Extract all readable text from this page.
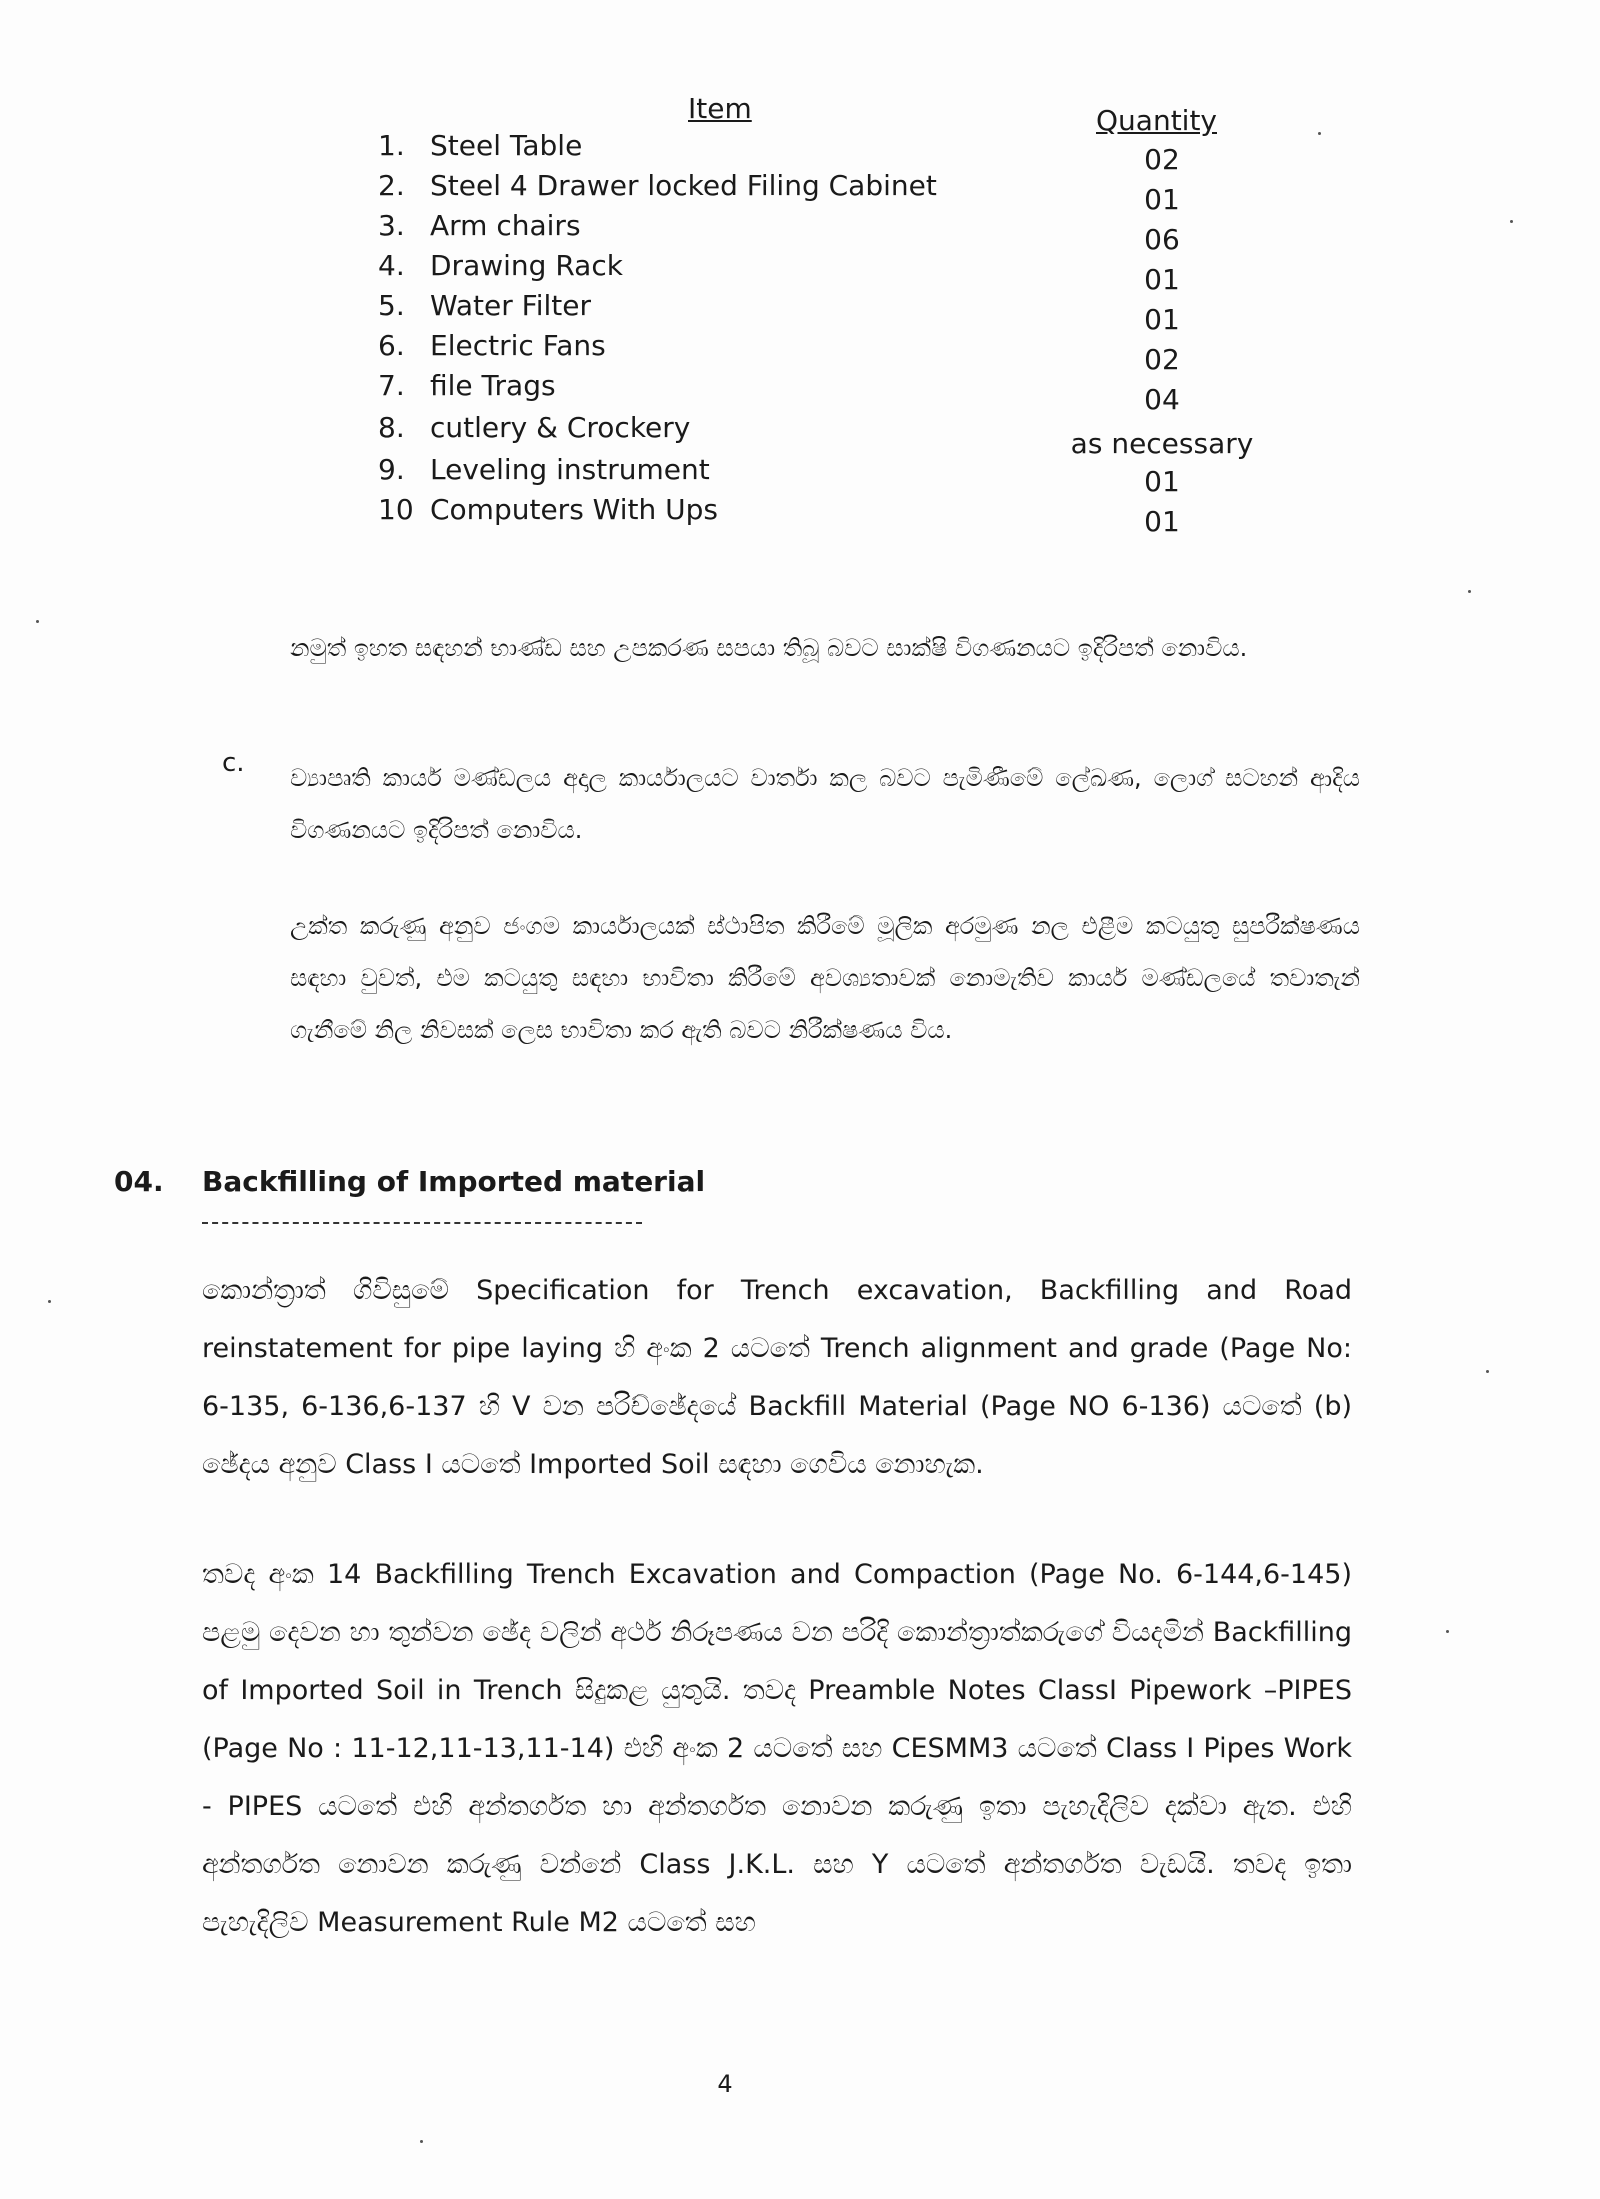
Item	Quantity
1. Steel Table	02
2. Steel 4 Drawer locked Filing Cabinet	01
3. Arm chairs	06
4. Drawing Rack	01
5. Water Filter	01
6. Electric Fans	02
7. file Trags	04
8. cutlery & Crockery	as necessary
9. Leveling instrument	01
10 Computers With Ups	01
නමුත් ඉහත සඳහන් භාණ්ඩ සහ උපකරණ සපයා තිබූ බවට සාක්ෂි විගණනයට ඉදිරිපත් නොවිය.
c. ව්‍යාපෘති කාර්ය මණ්ඩලය අදාල කාර්යාලයට වාර්තා කල බවට පැමිණීමේ ලේඛණ, ලොග් සටහන් ආදිය විගණනයට ඉදිරිපත් නොවිය.
උක්ත කරුණු අනුව ජංගම කාර්යාලයක් ස්ථාපිත කිරීමේ මූලික අරමුණ නල එළීම කටයුතු සුපරීක්ෂණය සඳහා වුවත්, එම කටයුතු සඳහා භාවිතා කිරීමේ අවශ්‍යතාවක් නොමැතිව කාර්ය මණ්ඩලයේ තවාතැන් ගැනීමේ නිල නිවසක් ලෙස භාවිතා කර ඇති බවට නිරීක්ෂණය විය.
04. Backfilling of Imported material
කොන්ත්‍රාත් ගිවිසුමේ Specification for Trench excavation, Backfilling and Road reinstatement for pipe laying හි අංක 2 යටතේ Trench alignment and grade (Page No: 6-135, 6-136,6-137 හි V වන පරිච්ඡේදයේ Backfill Material (Page NO 6-136) යටතේ (b) ඡේදය අනුව Class I යටතේ Imported Soil සඳහා ගෙවිය නොහැක.
තවද අංක 14 Backfilling Trench Excavation and Compaction (Page No. 6-144,6-145) පළමු දෙවන හා තුන්වන ඡේද වලින් අර්ථ නිරූපණය වන පරිදි කොන්ත්‍රාත්කරුගේ වියදමින් Backfilling of Imported Soil in Trench සිදුකළ යුතුයි. තවද Preamble Notes ClassI Pipework –PIPES (Page No : 11-12,11-13,11-14) එහි අංක 2 යටතේ සහ CESMM3 යටතේ Class I Pipes Work - PIPES යටතේ එහි අන්තර්ගත හා අන්තර්ගත නොවන කරුණු ඉතා පැහැදිලිව දක්වා ඇත. එහි අන්තර්ගත නොවන කරුණු වන්නේ Class J.K.L. සහ Y යටතේ අන්තර්ගත වැඩයි. තවද ඉතා පැහැදිලිව Measurement Rule M2 යටතේ සහ
4
